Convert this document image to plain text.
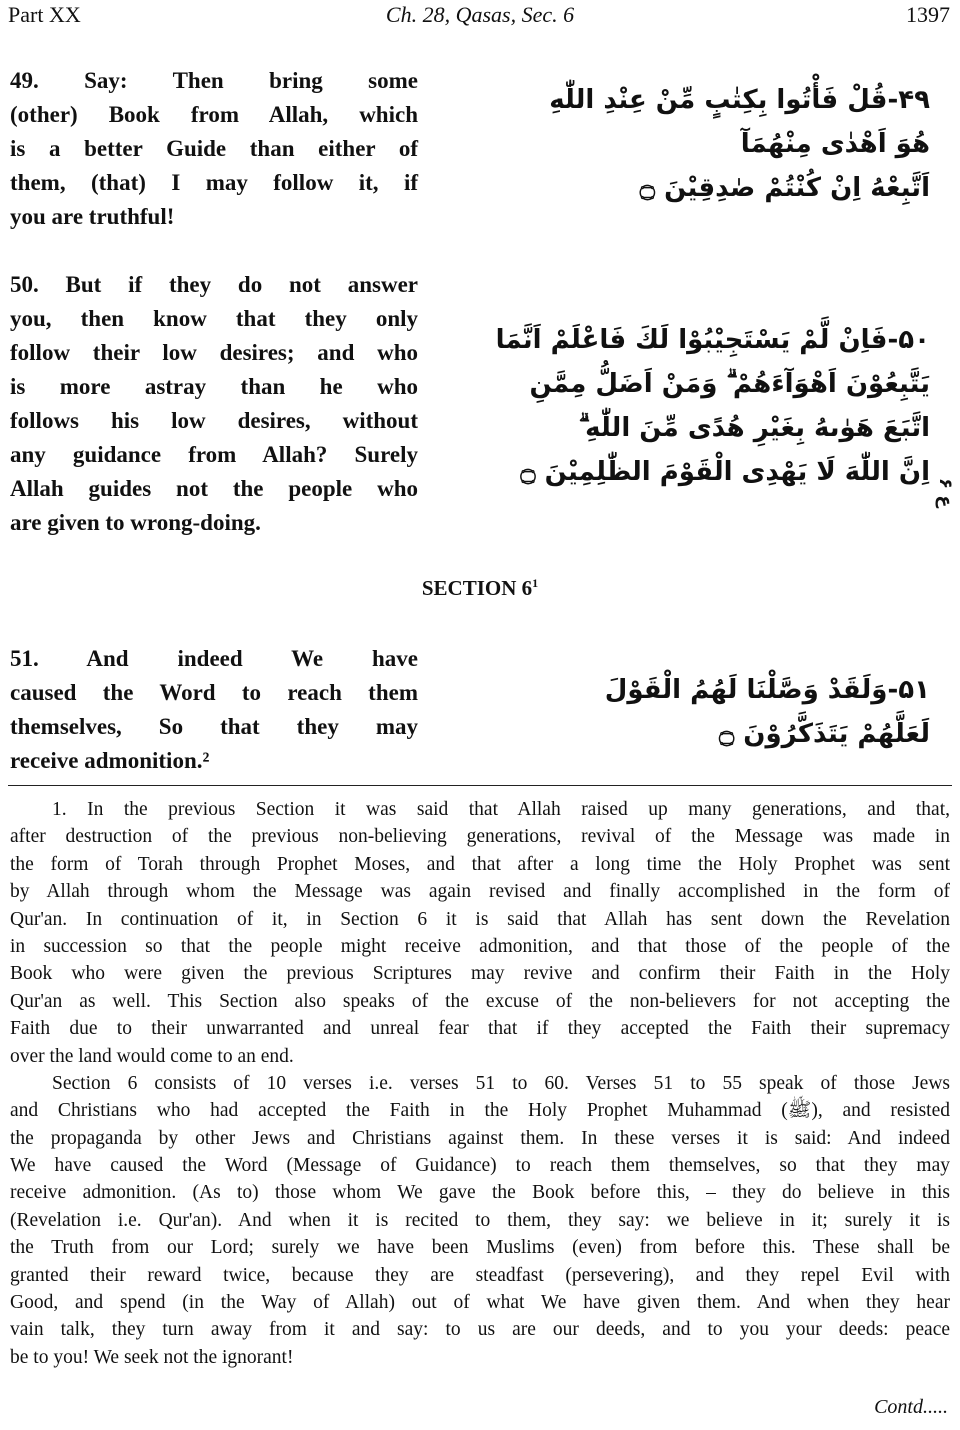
Part XX	Ch. 28, Qasas, Sec. 6	1397
49. Say: Then bring some
(other) Book from Allah, which
is a better Guide than either of
them, (that) I may follow it, if
you are truthful!
۴۹-قُلْ فَأْتُوا بِكِتٰبٍ مِّنْ عِنْدِ اللّٰهِ
هُوَ اَهْدٰى مِنْهُمَآ
اَتَّبِعْهُ اِنْ كُنْتُمْ صٰدِقِيْنَ ۝
50. But if they do not answer
you, then know that they only
follow their low desires; and who
is more astray than he who
follows his low desires, without
any guidance from Allah? Surely
Allah guides not the people who
are given to wrong-doing.
۵۰-فَاِنْ لَّمْ يَسْتَجِيْبُوْا لَكَ فَاعْلَمْ اَنَّمَا
يَتَّبِعُوْنَ اَهْوَآءَهُمْ ۗ وَمَنْ اَضَلُّ مِمَّنِ
اتَّبَعَ هَوٰىهُ بِغَيْرِ هُدًى مِّنَ اللّٰهِ ۗ
اِنَّ اللّٰهَ لَا يَهْدِى الْقَوْمَ الظّٰلِمِيْنَ ۝ ع ۶
SECTION $6^1$
51. And indeed We have
caused the Word to reach them
themselves, So that they may
receive admonition.²
۵۱-وَلَقَدْ وَصَّلْنَا لَهُمُ الْقَوْلَ
لَعَلَّهُمْ يَتَذَكَّرُوْنَ ۝
1. In the previous Section it was said that Allah raised up many generations, and that,
after destruction of the previous non-believing generations, revival of the Message was made in
the form of Torah through Prophet Moses, and that after a long time the Holy Prophet was sent
by Allah through whom the Message was again revised and finally accomplished in the form of
Qur'an. In continuation of it, in Section 6 it is said that Allah has sent down the Revelation
in succession so that the people might receive admonition, and that those of the people of the
Book who were given the previous Scriptures may revive and confirm their Faith in the Holy
Qur'an as well. This Section also speaks of the excuse of the non-believers for not accepting the
Faith due to their unwarranted and unreal fear that if they accepted the Faith their supremacy
over the land would come to an end.
Section 6 consists of 10 verses i.e. verses 51 to 60. Verses 51 to 55 speak of those Jews
and Christians who had accepted the Faith in the Holy Prophet Muhammad (ﷺ), and resisted
the propaganda by other Jews and Christians against them. In these verses it is said: And indeed
We have caused the Word (Message of Guidance) to reach them themselves, so that they may
receive admonition. (As to) those whom We gave the Book before this, – they do believe in this
(Revelation i.e. Qur'an). And when it is recited to them, they say: we believe in it; surely it is
the Truth from our Lord; surely we have been Muslims (even) from before this. These shall be
granted their reward twice, because they are steadfast (persevering), and they repel Evil with
Good, and spend (in the Way of Allah) out of what We have given them. And when they hear
vain talk, they turn away from it and say: to us are our deeds, and to you your deeds: peace
be to you! We seek not the ignorant!
Contd.....
